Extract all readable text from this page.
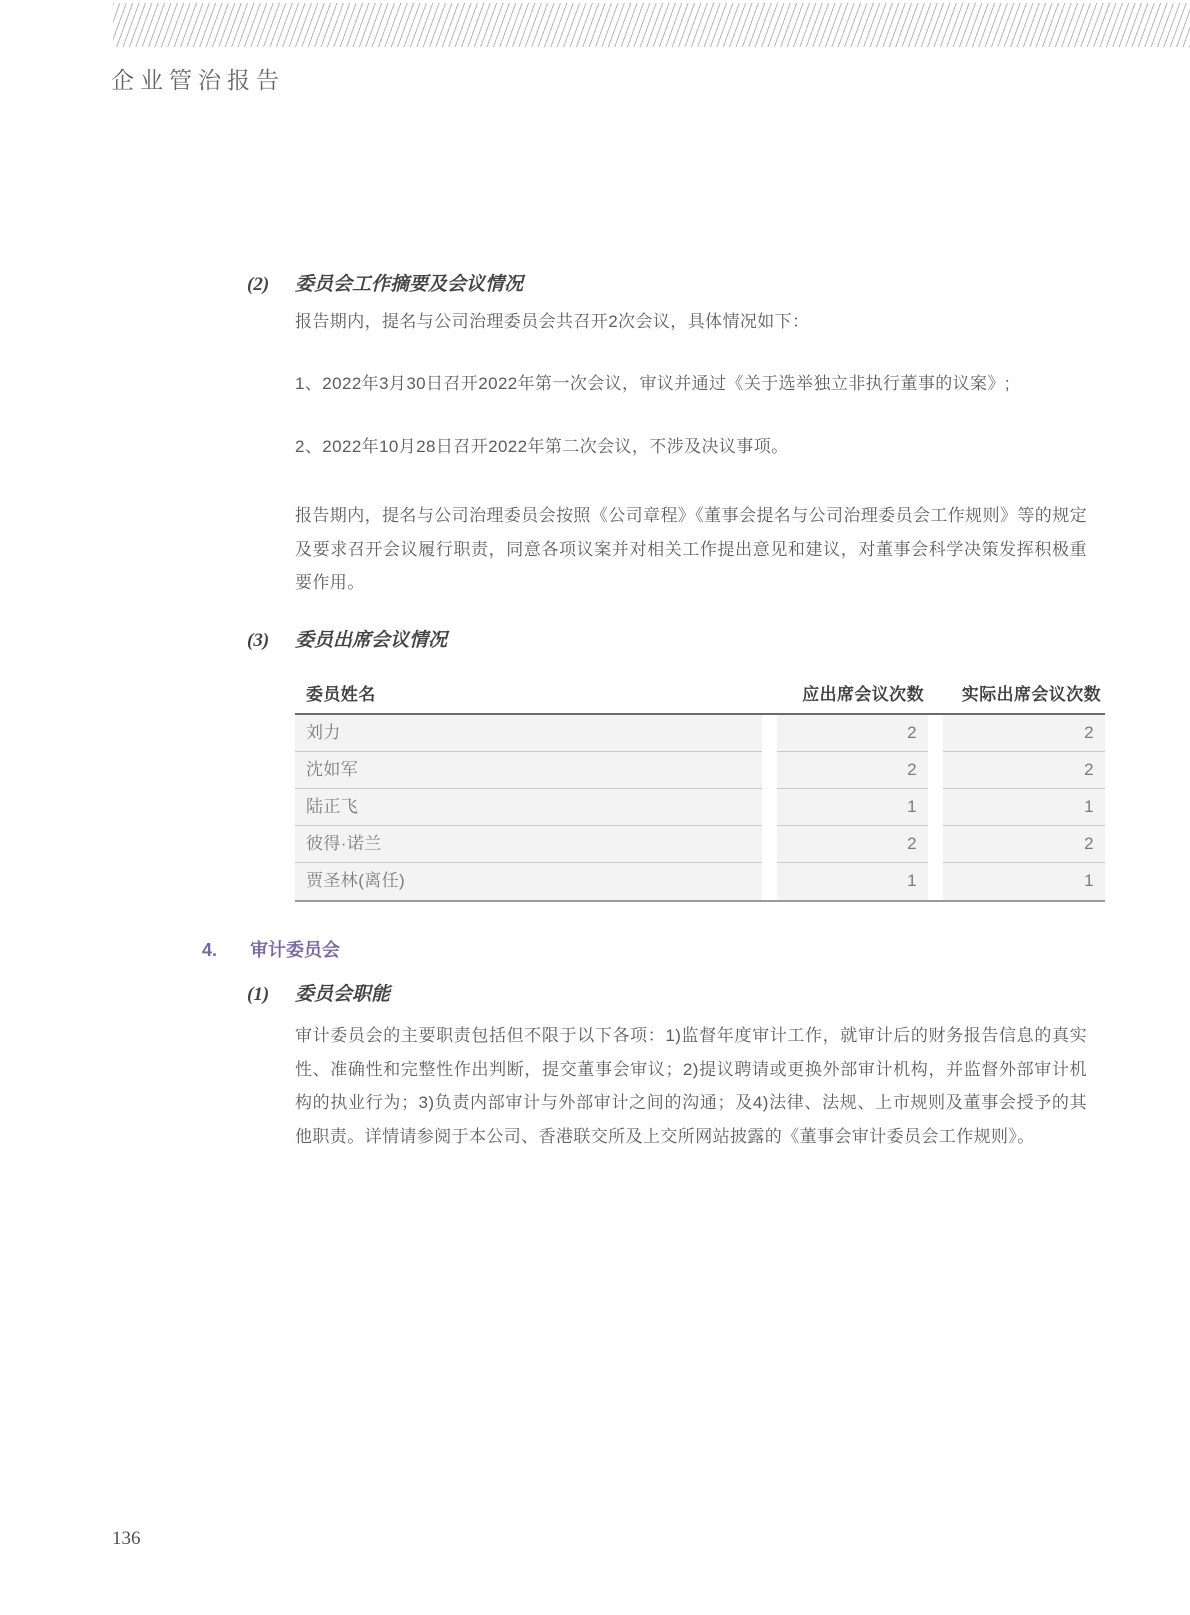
企业管治报告
(2) 委员会工作摘要及会议情况
报告期内，提名与公司治理委员会共召开2次会议，具体情况如下：
1、2022年3月30日召开2022年第一次会议，审议并通过《关于选举独立非执行董事的议案》;
2、2022年10月28日召开2022年第二次会议，不涉及决议事项。
报告期内，提名与公司治理委员会按照《公司章程》《董事会提名与公司治理委员会工作规则》等的规定及要求召开会议履行职责，同意各项议案并对相关工作提出意见和建议，对董事会科学决策发挥积极重要作用。
(3) 委员出席会议情况
委员姓名	应出席会议次数	实际出席会议次数
刘力	2	2
沈如军	2	2
陆正飞	1	1
彼得·诺兰	2	2
贾圣林(离任)	1	1
4. 审计委员会
(1) 委员会职能
审计委员会的主要职责包括但不限于以下各项：1)监督年度审计工作，就审计后的财务报告信息的真实性、准确性和完整性作出判断，提交董事会审议；2)提议聘请或更换外部审计机构，并监督外部审计机构的执业行为；3)负责内部审计与外部审计之间的沟通；及4)法律、法规、上市规则及董事会授予的其他职责。详情请参阅于本公司、香港联交所及上交所网站披露的《董事会审计委员会工作规则》。
136
